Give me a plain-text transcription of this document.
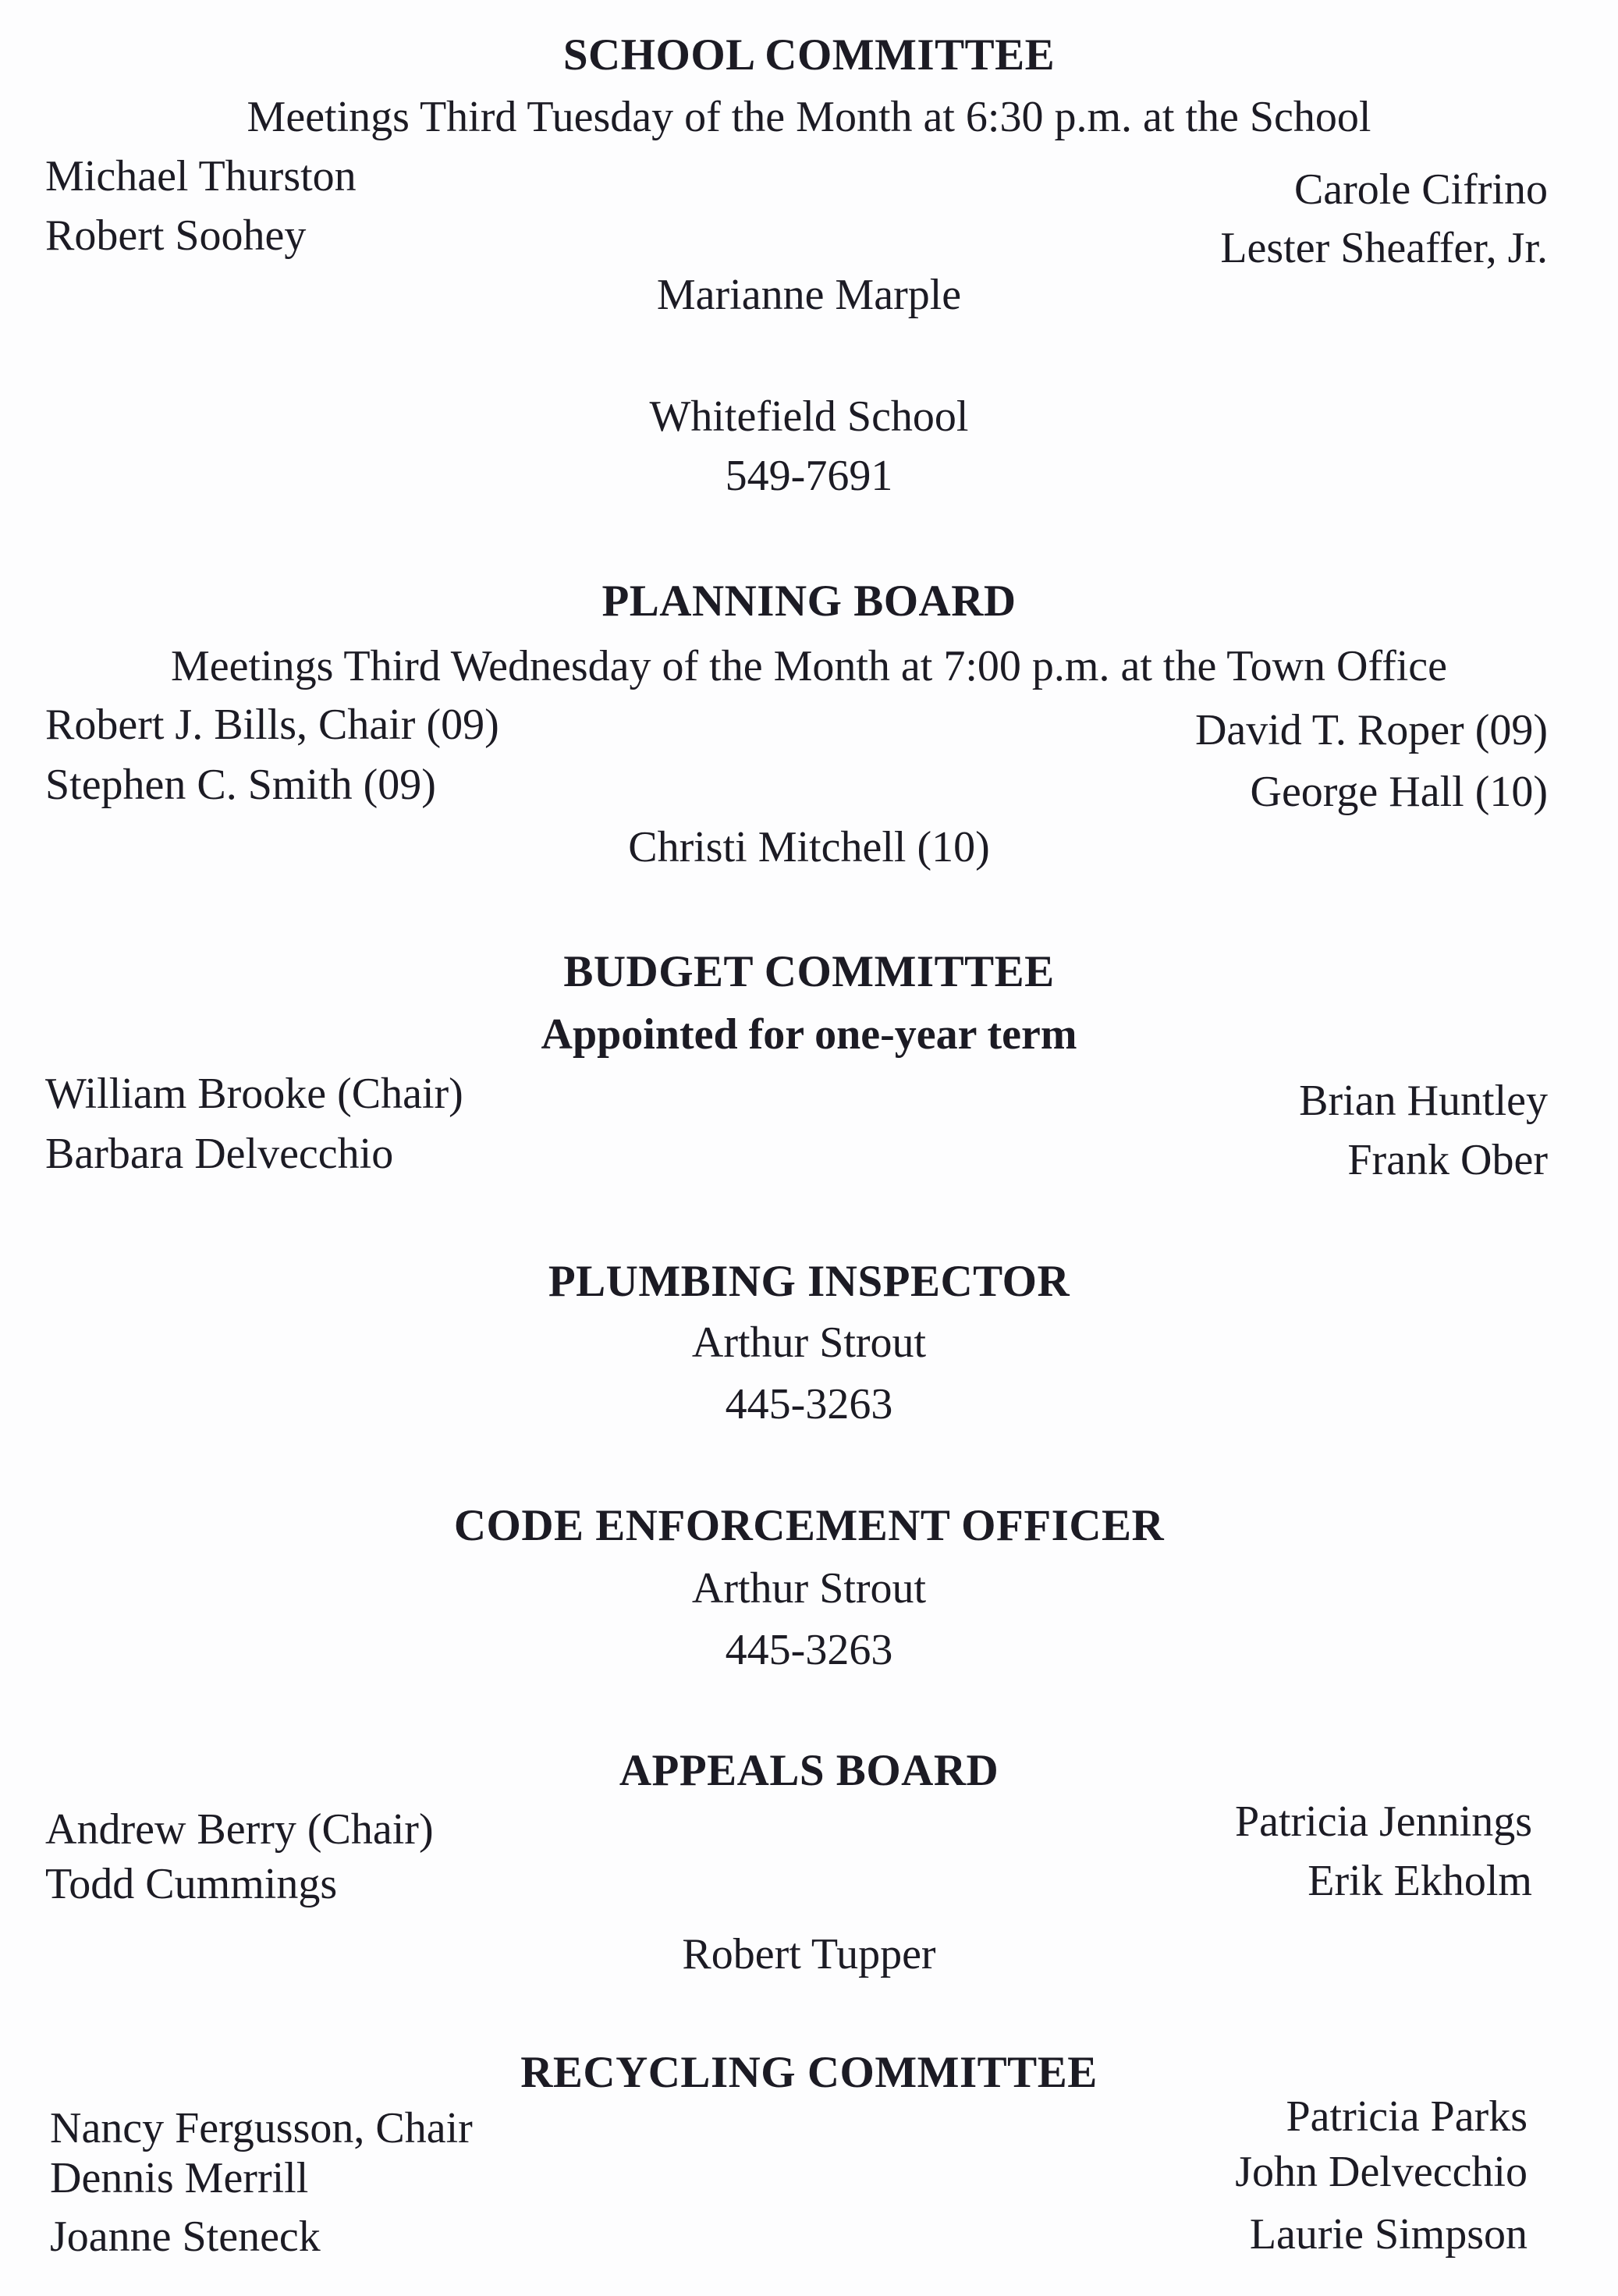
SCHOOL COMMITTEE
Meetings Third Tuesday of the Month at 6:30 p.m. at the School
Michael Thurston
Robert Soohey
Carole Cifrino
Lester Sheaffer, Jr.
Marianne Marple
Whitefield School
549-7691
PLANNING BOARD
Meetings Third Wednesday of the Month at 7:00 p.m. at the Town Office
Robert J. Bills, Chair (09)
Stephen C. Smith (09)
David T. Roper (09)
George Hall (10)
Christi Mitchell (10)
BUDGET COMMITTEE
Appointed for one-year term
William Brooke (Chair)
Barbara Delvecchio
Brian Huntley
Frank Ober
PLUMBING INSPECTOR
Arthur Strout
445-3263
CODE ENFORCEMENT OFFICER
Arthur Strout
445-3263
APPEALS BOARD
Andrew Berry (Chair)
Todd Cummings
Patricia Jennings
Erik Ekholm
Robert Tupper
RECYCLING COMMITTEE
Nancy Fergusson, Chair
Dennis Merrill
Joanne Steneck
Patricia Parks
John Delvecchio
Laurie Simpson
